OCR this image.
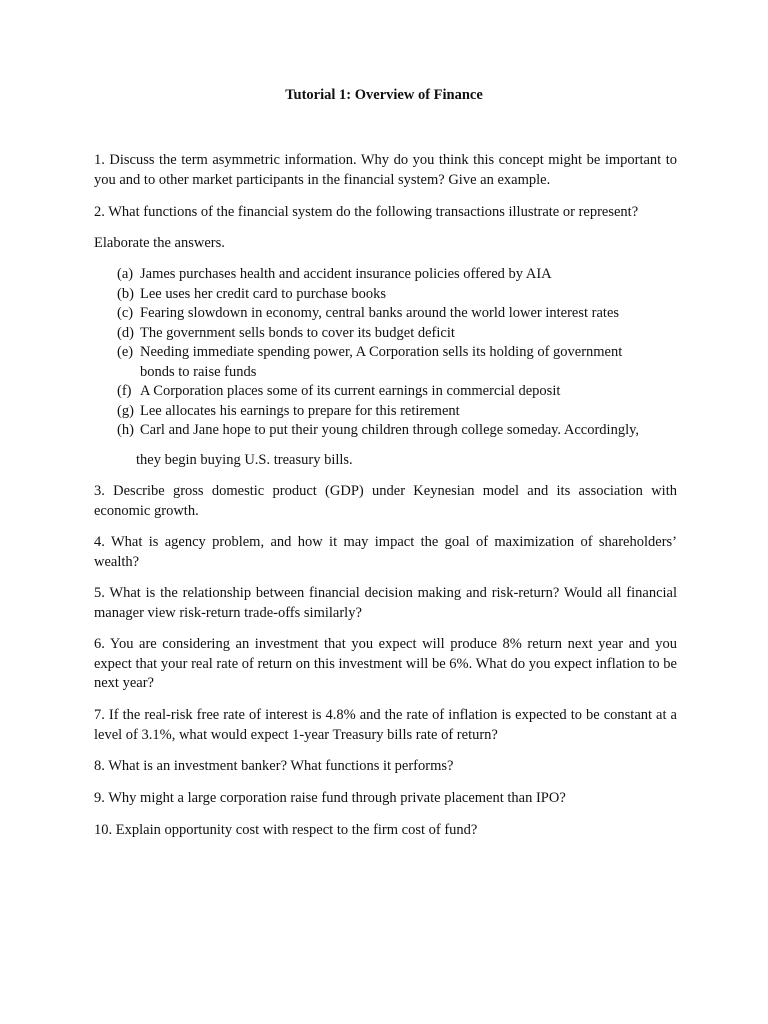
Tutorial 1: Overview of Finance

1. Discuss the term asymmetric information. Why do you think this concept might be important to you and to other market participants in the financial system? Give an example.

2. What functions of the financial system do the following transactions illustrate or represent?

Elaborate the answers.

(a) James purchases health and accident insurance policies offered by AIA
(b) Lee uses her credit card to purchase books
(c) Fearing slowdown in economy, central banks around the world lower interest rates
(d) The government sells bonds to cover its budget deficit
(e) Needing immediate spending power, A Corporation sells its holding of government bonds to raise funds
(f) A Corporation places some of its current earnings in commercial deposit
(g) Lee allocates his earnings to prepare for this retirement
(h) Carl and Jane hope to put their young children through college someday. Accordingly,
they begin buying U.S. treasury bills.

3. Describe gross domestic product (GDP) under Keynesian model and its association with economic growth.

4. What is agency problem, and how it may impact the goal of maximization of shareholders’ wealth?

5. What is the relationship between financial decision making and risk-return? Would all financial manager view risk-return trade-offs similarly?

6. You are considering an investment that you expect will produce 8% return next year and you expect that your real rate of return on this investment will be 6%. What do you expect inflation to be next year?

7. If the real-risk free rate of interest is 4.8% and the rate of inflation is expected to be constant at a level of 3.1%, what would expect 1-year Treasury bills rate of return?

8. What is an investment banker? What functions it performs?

9. Why might a large corporation raise fund through private placement than IPO?

10. Explain opportunity cost with respect to the firm cost of fund?
